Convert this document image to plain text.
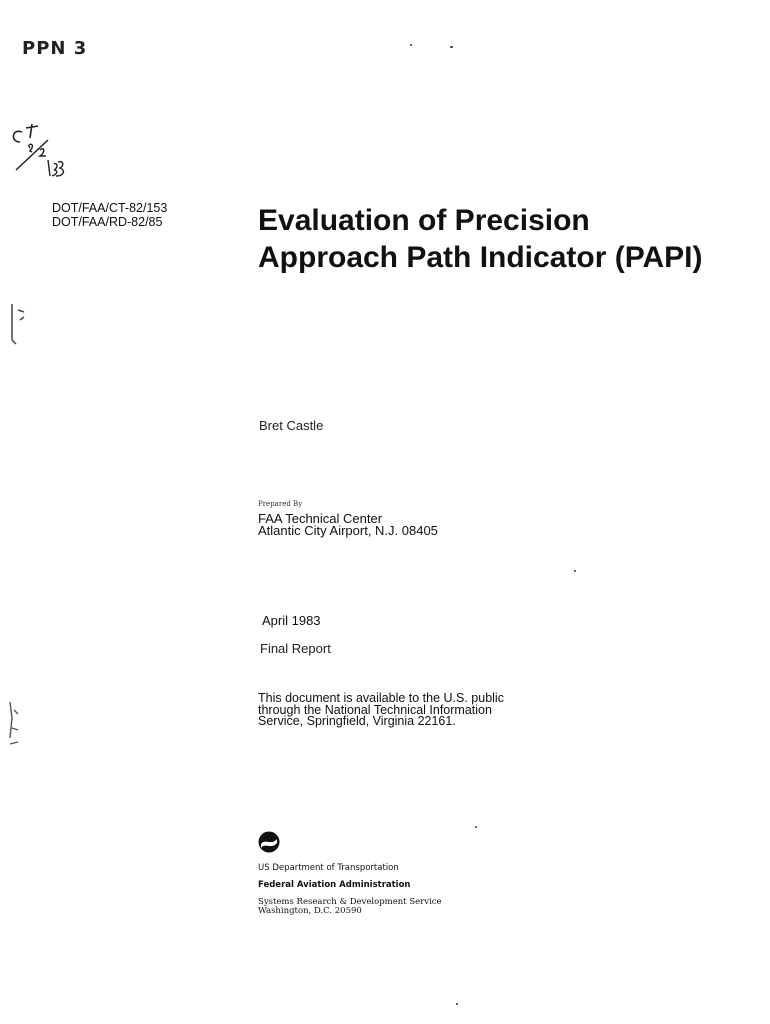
PPN 3
DOT/FAA/CT-82/153
DOT/FAA/RD-82/85	Evaluation of Precision
Approach Path Indicator (PAPI)
Bret Castle
Prepared By
FAA Technical Center
Atlantic City Airport, N.J. 08405
April 1983
Final Report
This document is available to the U.S. public
through the National Technical Information
Service, Springfield, Virginia 22161.
US Department of Transportation
Federal Aviation Administration
Systems Research & Development Service
Washington, D.C. 20590
